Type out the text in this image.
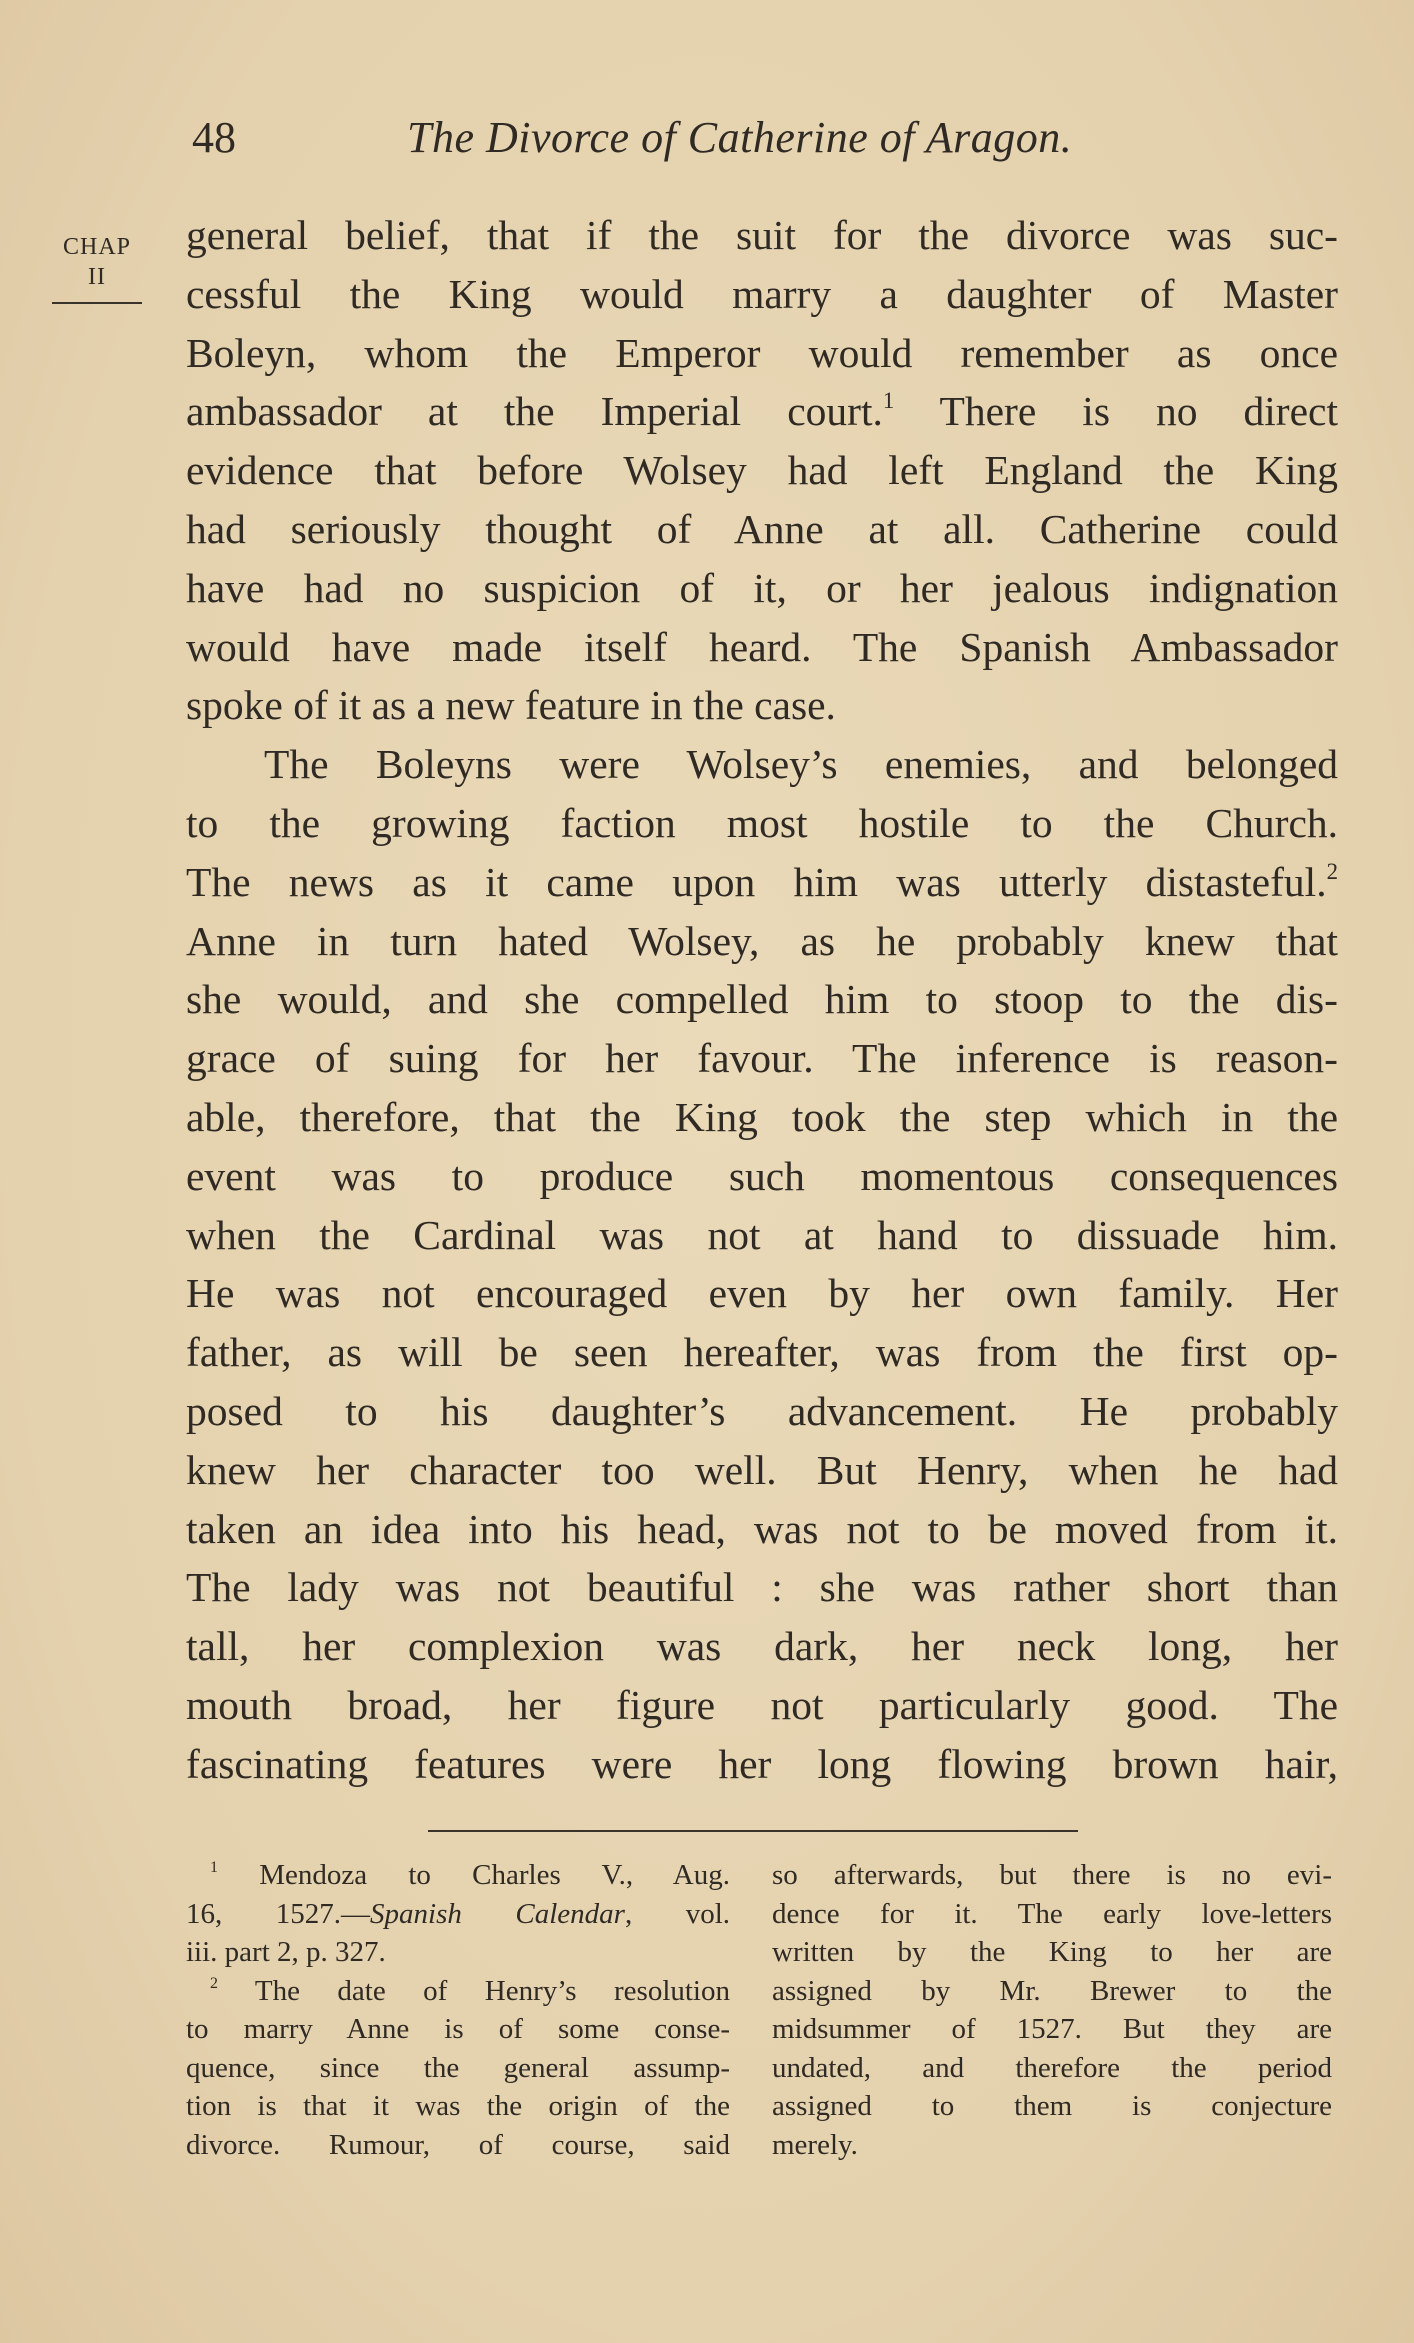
48	The Divorce of Catherine of Aragon.
CHAP
II
general belief, that if the suit for the divorce was suc-
cessful the King would marry a daughter of Master
Boleyn, whom the Emperor would remember as once
ambassador at the Imperial court.$^1$ There is no direct
evidence that before Wolsey had left England the King
had seriously thought of Anne at all. Catherine could
have had no suspicion of it, or her jealous indignation
would have made itself heard. The Spanish Ambassador
spoke of it as a new feature in the case.
The Boleyns were Wolsey’s enemies, and belonged
to the growing faction most hostile to the Church.
The news as it came upon him was utterly distasteful.$^2$
Anne in turn hated Wolsey, as he probably knew that
she would, and she compelled him to stoop to the dis-
grace of suing for her favour. The inference is reason-
able, therefore, that the King took the step which in the
event was to produce such momentous consequences
when the Cardinal was not at hand to dissuade him.
He was not encouraged even by her own family. Her
father, as will be seen hereafter, was from the first op-
posed to his daughter’s advancement. He probably
knew her character too well. But Henry, when he had
taken an idea into his head, was not to be moved from it.
The lady was not beautiful : she was rather short than
tall, her complexion was dark, her neck long, her
mouth broad, her figure not particularly good. The
fascinating features were her long flowing brown hair,
$^1$ Mendoza to Charles V., Aug.
16, 1527.—Spanish Calendar, vol.
iii. part 2, p. 327.
$^2$ The date of Henry’s resolution
to marry Anne is of some conse-
quence, since the general assump-
tion is that it was the origin of the
divorce. Rumour, of course, said
so afterwards, but there is no evi-
dence for it. The early love-letters
written by the King to her are
assigned by Mr. Brewer to the
midsummer of 1527. But they are
undated, and therefore the period
assigned to them is conjecture
merely.
